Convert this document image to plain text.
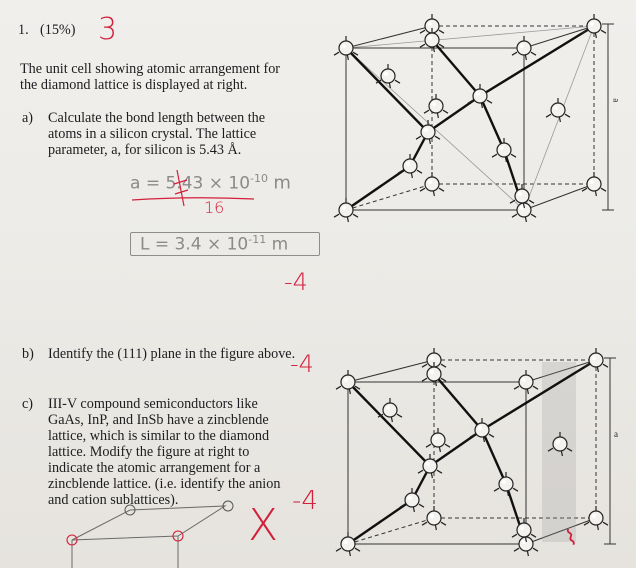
1. (15%) 3
The unit cell showing atomic arrangement for
the diamond lattice is displayed at right.
a) Calculate the bond length between the
atoms in a silicon crystal. The lattice
parameter, a, for silicon is 5.43 Å.
$a = 5.43 \times 10^{-10}$ m
16
$L = 3.4 \times 10^{-11}$ m
-4
b) Identify the (111) plane in the figure above.
-4
c) III-V compound semiconductors like
GaAs, InP, and InSb have a zincblende
lattice, which is similar to the diamond
lattice. Modify the figure at right to
indicate the atomic arrangement for a
zincblende lattice. (i.e. identify the anion
and cation sublattices). X -4
a
a
⌇
